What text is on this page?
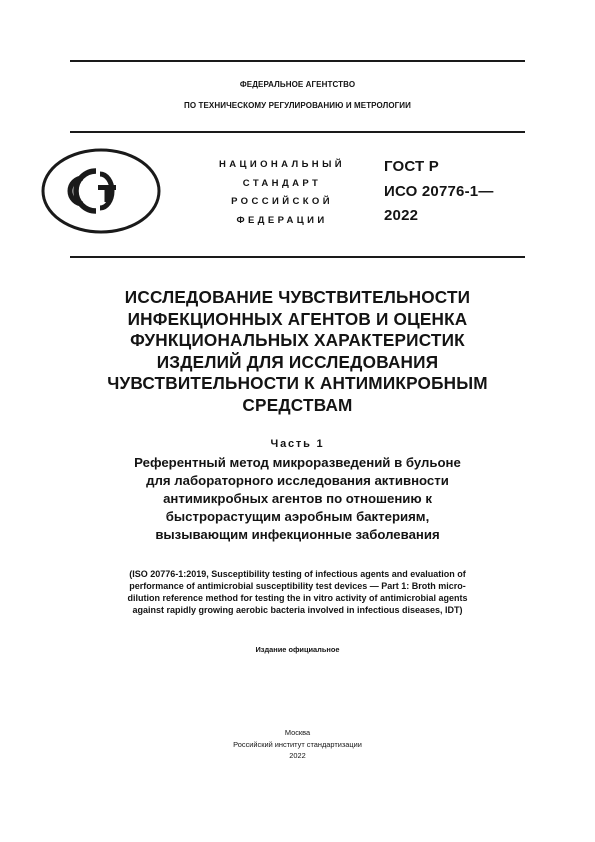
ФЕДЕРАЛЬНОЕ АГЕНТСТВО
ПО ТЕХНИЧЕСКОМУ РЕГУЛИРОВАНИЮ И МЕТРОЛОГИИ
НАЦИОНАЛЬНЫЙ
СТАНДАРТ
РОССИЙСКОЙ
ФЕДЕРАЦИИ
ГОСТ Р
ИСО 20776-1—
2022
ИССЛЕДОВАНИЕ ЧУВСТВИТЕЛЬНОСТИ
ИНФЕКЦИОННЫХ АГЕНТОВ И ОЦЕНКА
ФУНКЦИОНАЛЬНЫХ ХАРАКТЕРИСТИК
ИЗДЕЛИЙ ДЛЯ ИССЛЕДОВАНИЯ
ЧУВСТВИТЕЛЬНОСТИ К АНТИМИКРОБНЫМ
СРЕДСТВАМ
Часть 1
Референтный метод микроразведений в бульоне
для лабораторного исследования активности
антимикробных агентов по отношению к
быстрорастущим аэробным бактериям,
вызывающим инфекционные заболевания
(ISO 20776-1:2019, Susceptibility testing of infectious agents and evaluation of
performance of antimicrobial susceptibility test devices — Part 1: Broth micro-
dilution reference method for testing the in vitro activity of antimicrobial agents
against rapidly growing aerobic bacteria involved in infectious diseases, IDT)
Издание официальное
Москва
Российский институт стандартизации
2022
